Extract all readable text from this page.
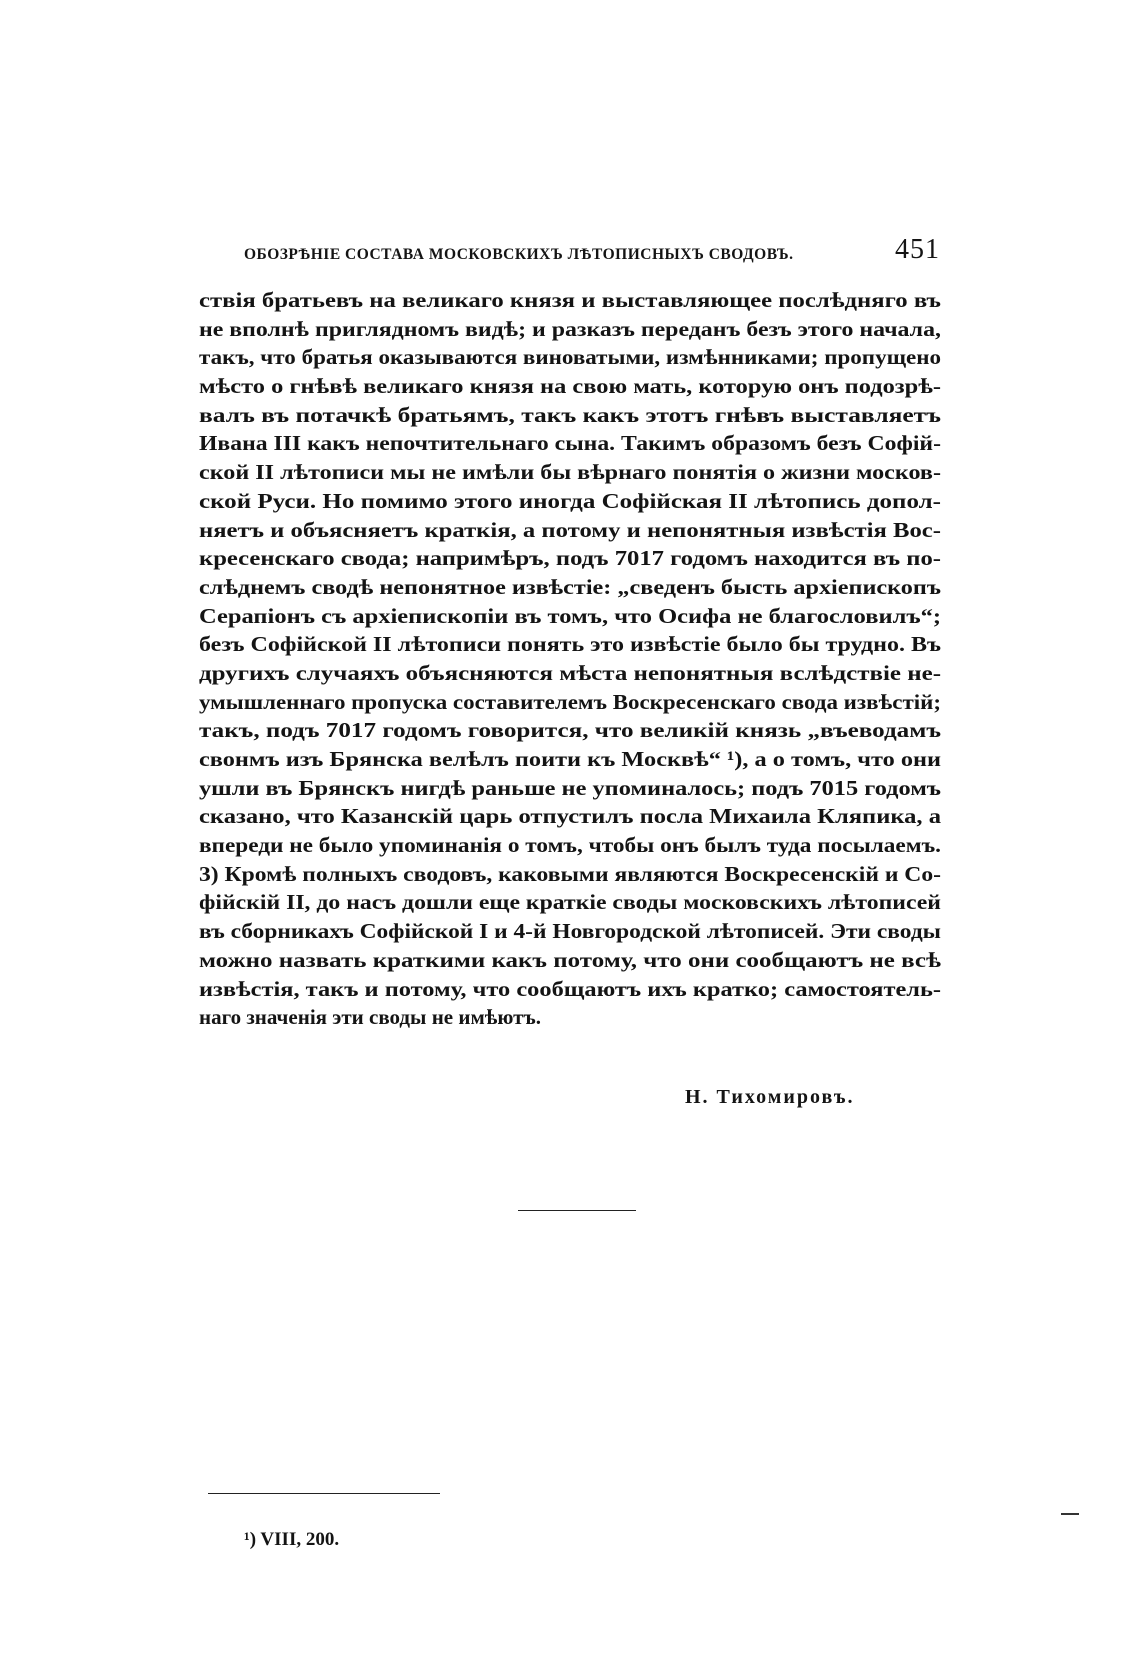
ОБОЗРѢНІЕ СОСТАВА МОСКОВСКИХЪ ЛѢТОПИСНЫХЪ СВОДОВЪ.	451
ствія братьевъ на великаго князя и выставляющее послѣдняго въ
не вполнѣ приглядномъ видѣ; и разказъ переданъ безъ этого начала,
такъ, что братья оказываются виноватыми, измѣнниками; пропущено
мѣсто о гнѣвѣ великаго князя на свою мать, которую онъ подозрѣ-
валъ въ потачкѣ братьямъ, такъ какъ этотъ гнѣвъ выставляетъ
Ивана III какъ непочтительнаго сына. Такимъ образомъ безъ Софій-
ской II лѣтописи мы не имѣли бы вѣрнаго понятія о жизни москов-
ской Руси. Но помимо этого иногда Софійская II лѣтопись допол-
няетъ и объясняетъ краткія, а потому и непонятныя извѣстія Вос-
кресенскаго свода; напримѣръ, подъ 7017 годомъ находится въ по-
слѣднемъ сводѣ непонятное извѣстіе: „сведенъ бысть архіепископъ
Серапіонъ съ архіепископіи въ томъ, что Осифа не благословилъ“;
безъ Софійской II лѣтописи понять это извѣстіе было бы трудно. Въ
другихъ случаяхъ объясняются мѣста непонятныя вслѣдствіе не-
умышленнаго пропуска составителемъ Воскресенскаго свода извѣстій;
такъ, подъ 7017 годомъ говорится, что великій князь „въеводамъ
свонмъ изъ Брянска велѣлъ поити къ Москвѣ“ ¹), а о томъ, что они
ушли въ Брянскъ нигдѣ раньше не упоминалось; подъ 7015 годомъ
сказано, что Казанскій царь отпустилъ посла Михаила Кляпика, а
впереди не было упоминанія о томъ, чтобы онъ былъ туда посылаемъ.
3) Кромѣ полныхъ сводовъ, каковыми являются Воскресенскій и Со-
фійскій II, до насъ дошли еще краткіе своды московскихъ лѣтописей
въ сборникахъ Софійской I и 4-й Новгородской лѣтописей. Эти своды
можно назвать краткими какъ потому, что они сообщаютъ не всѣ
извѣстія, такъ и потому, что сообщаютъ ихъ кратко; самостоятель-
наго значенія эти своды не имѣютъ.
Н. Тихомировъ.
¹) VIII, 200.
